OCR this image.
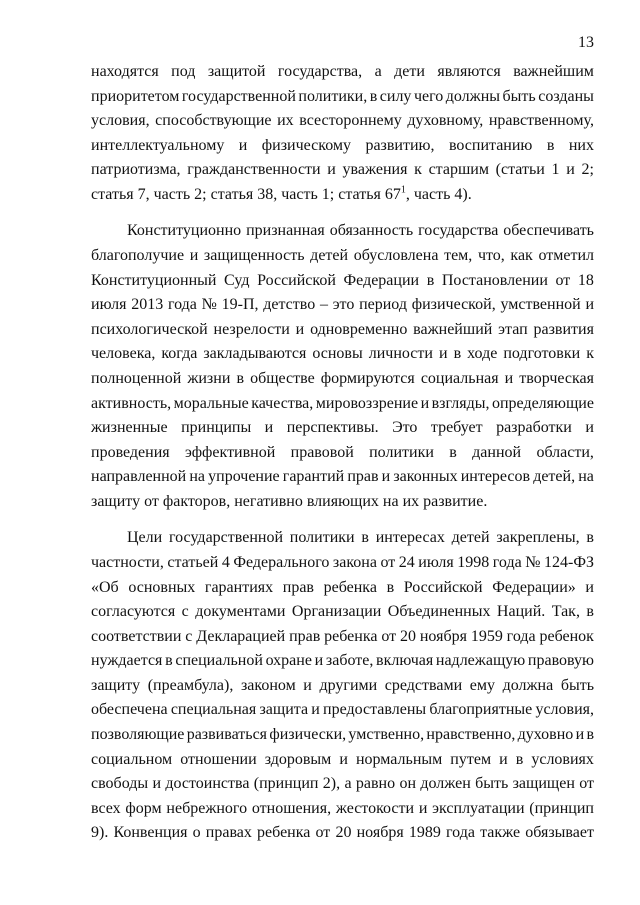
13
находятся под защитой государства, а дети являются важнейшим
приоритетом государственной политики, в силу чего должны быть созданы
условия, способствующие их всестороннему духовному, нравственному,
интеллектуальному и физическому развитию, воспитанию в них
патриотизма, гражданственности и уважения к старшим (статьи 1 и 2;
статья 7, часть 2; статья 38, часть 1; статья $67^1$, часть 4).
Конституционно признанная обязанность государства обеспечивать
благополучие и защищенность детей обусловлена тем, что, как отметил
Конституционный Суд Российской Федерации в Постановлении от 18
июля 2013 года № 19-П, детство – это период физической, умственной и
психологической незрелости и одновременно важнейший этап развития
человека, когда закладываются основы личности и в ходе подготовки к
полноценной жизни в обществе формируются социальная и творческая
активность, моральные качества, мировоззрение и взгляды, определяющие
жизненные принципы и перспективы. Это требует разработки и
проведения эффективной правовой политики в данной области,
направленной на упрочение гарантий прав и законных интересов детей, на
защиту от факторов, негативно влияющих на их развитие.
Цели государственной политики в интересах детей закреплены, в
частности, статьей 4 Федерального закона от 24 июля 1998 года № 124-ФЗ
«Об основных гарантиях прав ребенка в Российской Федерации» и
согласуются с документами Организации Объединенных Наций. Так, в
соответствии с Декларацией прав ребенка от 20 ноября 1959 года ребенок
нуждается в специальной охране и заботе, включая надлежащую правовую
защиту (преамбула), законом и другими средствами ему должна быть
обеспечена специальная защита и предоставлены благоприятные условия,
позволяющие развиваться физически, умственно, нравственно, духовно и в
социальном отношении здоровым и нормальным путем и в условиях
свободы и достоинства (принцип 2), а равно он должен быть защищен от
всех форм небрежного отношения, жестокости и эксплуатации (принцип
9). Конвенция о правах ребенка от 20 ноября 1989 года также обязывает
